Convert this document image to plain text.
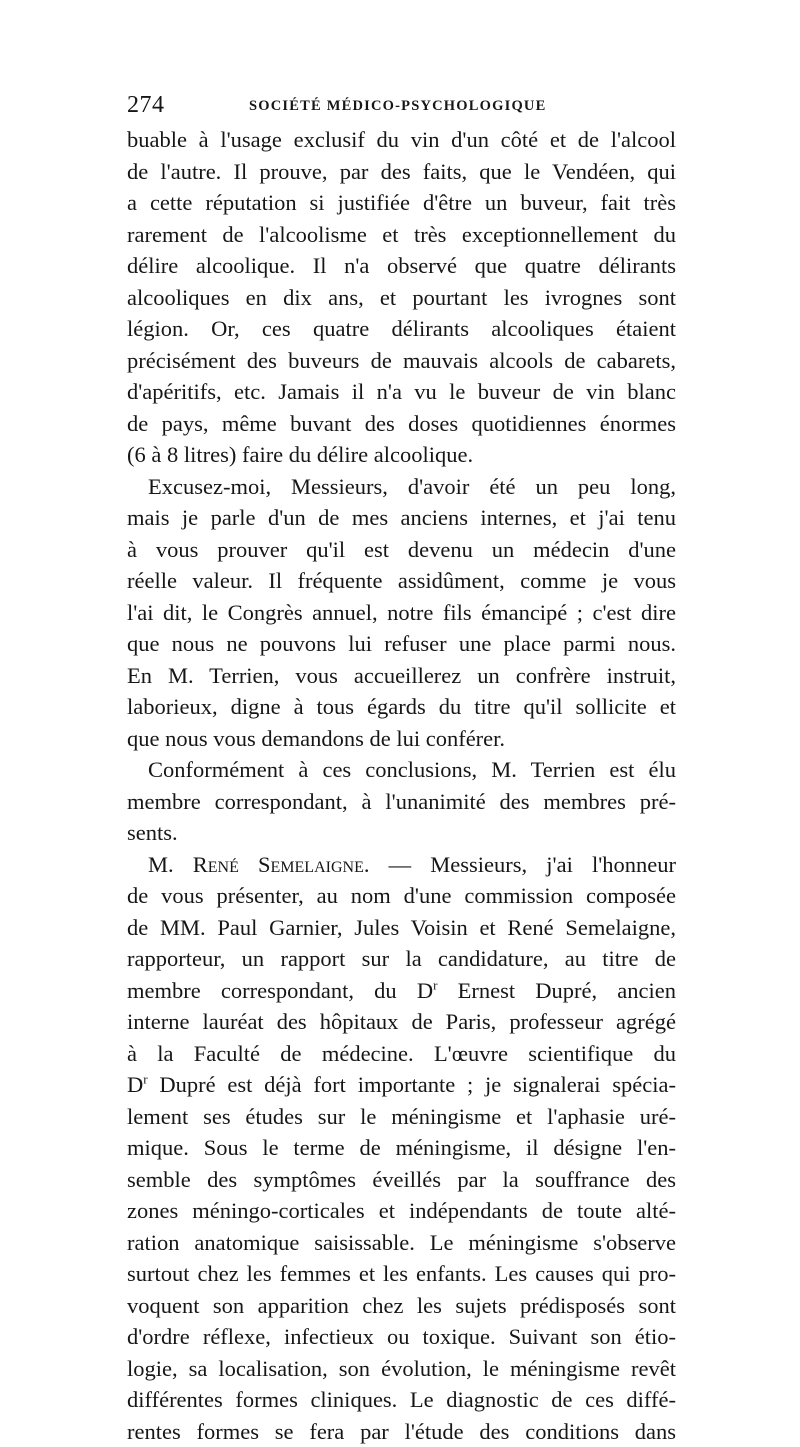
274	SOCIÉTÉ MÉDICO-PSYCHOLOGIQUE
buable à l'usage exclusif du vin d'un côté et de l'alcool
de l'autre. Il prouve, par des faits, que le Vendéen, qui
a cette réputation si justifiée d'être un buveur, fait très
rarement de l'alcoolisme et très exceptionnellement du
délire alcoolique. Il n'a observé que quatre délirants
alcooliques en dix ans, et pourtant les ivrognes sont
légion. Or, ces quatre délirants alcooliques étaient
précisément des buveurs de mauvais alcools de cabarets,
d'apéritifs, etc. Jamais il n'a vu le buveur de vin blanc
de pays, même buvant des doses quotidiennes énormes
(6 à 8 litres) faire du délire alcoolique.
Excusez-moi, Messieurs, d'avoir été un peu long,
mais je parle d'un de mes anciens internes, et j'ai tenu
à vous prouver qu'il est devenu un médecin d'une
réelle valeur. Il fréquente assidûment, comme je vous
l'ai dit, le Congrès annuel, notre fils émancipé ; c'est dire
que nous ne pouvons lui refuser une place parmi nous.
En M. Terrien, vous accueillerez un confrère instruit,
laborieux, digne à tous égards du titre qu'il sollicite et
que nous vous demandons de lui conférer.
Conformément à ces conclusions, M. Terrien est élu
membre correspondant, à l'unanimité des membres pré-
sents.
M. René Semelaigne. — Messieurs, j'ai l'honneur
de vous présenter, au nom d'une commission composée
de MM. Paul Garnier, Jules Voisin et René Semelaigne,
rapporteur, un rapport sur la candidature, au titre de
membre correspondant, du $D^r$ Ernest Dupré, ancien
interne lauréat des hôpitaux de Paris, professeur agrégé
à la Faculté de médecine. L'œuvre scientifique du
$D^r$ Dupré est déjà fort importante ; je signalerai spécia-
lement ses études sur le méningisme et l'aphasie uré-
mique. Sous le terme de méningisme, il désigne l'en-
semble des symptômes éveillés par la souffrance des
zones méningo-corticales et indépendants de toute alté-
ration anatomique saisissable. Le méningisme s'observe
surtout chez les femmes et les enfants. Les causes qui pro-
voquent son apparition chez les sujets prédisposés sont
d'ordre réflexe, infectieux ou toxique. Suivant son étio-
logie, sa localisation, son évolution, le méningisme revêt
différentes formes cliniques. Le diagnostic de ces diffé-
rentes formes se fera par l'étude des conditions dans
